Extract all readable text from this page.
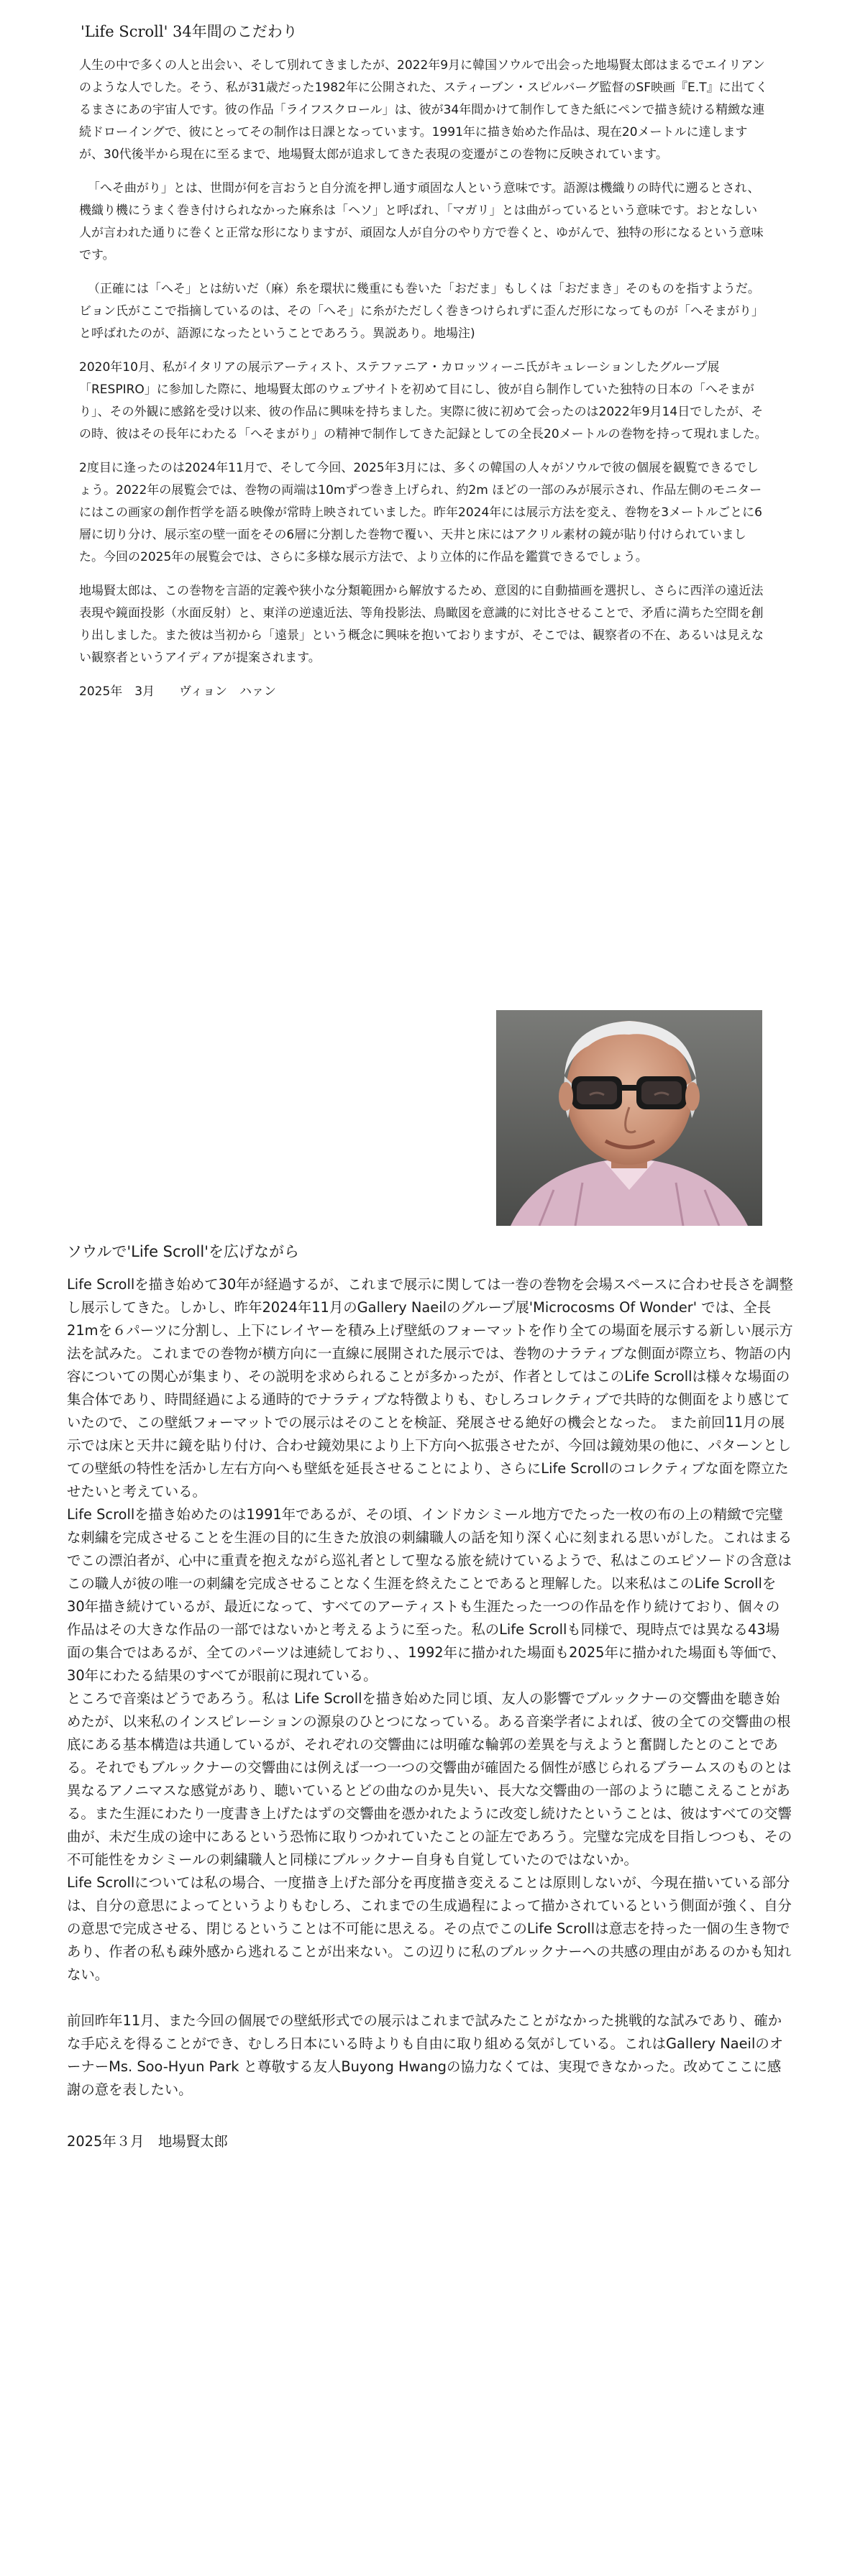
'Life Scroll' 34年間のこだわり

人生の中で多くの人と出会い、そして別れてきましたが、2022年9月に韓国ソウルで出会った地場賢太郎はまるでエイリアンのような人でした。そう、私が31歳だった1982年に公開された、スティーブン・スピルバーグ監督のSF映画『E.T』に出てくるまさにあの宇宙人です。彼の作品「ライフスクロール」は、彼が34年間かけて制作してきた紙にペンで描き続ける精緻な連続ドローイングで、彼にとってその制作は日課となっています。1991年に描き始めた作品は、現在20メートルに達しますが、30代後半から現在に至るまで、地場賢太郎が追求してきた表現の変遷がこの巻物に反映されています。

「へそ曲がり」とは、世間が何を言おうと自分流を押し通す頑固な人という意味です。語源は機織りの時代に遡るとされ、機織り機にうまく巻き付けられなかった麻糸は「ヘソ」と呼ばれ、「マガリ」とは曲がっているという意味です。おとなしい人が言われた通りに巻くと正常な形になりますが、頑固な人が自分のやり方で巻くと、ゆがんで、独特の形になるという意味です。

（正確には「へそ」とは紡いだ（麻）糸を環状に幾重にも巻いた「おだま」もしくは「おだまき」そのものを指すようだ。ビョン氏がここで指摘しているのは、その「へそ」に糸がただしく巻きつけられずに歪んだ形になってものが「へそまがり」と呼ばれたのが、語源になったということであろう。異説あり。地場注)

2020年10月、私がイタリアの展示アーティスト、ステファニア・カロッツィーニ氏がキュレーションしたグループ展「RESPIRO」に参加した際に、地場賢太郎のウェブサイトを初めて目にし、彼が自ら制作していた独特の日本の「へそまがり」、その外観に感銘を受け以来、彼の作品に興味を持ちました。実際に彼に初めて会ったのは2022年9月14日でしたが、その時、彼はその長年にわたる「へそまがり」の精神で制作してきた記録としての全長20メートルの巻物を持って現れました。

2度目に逢ったのは2024年11月で、そして今回、2025年3月には、多くの韓国の人々がソウルで彼の個展を観覧できるでしょう。2022年の展覧会では、巻物の両端は10mずつ巻き上げられ、約2m ほどの一部のみが展示され、作品左側のモニターにはこの画家の創作哲学を語る映像が常時上映されていました。昨年2024年には展示方法を変え、巻物を3メートルごとに6層に切り分け、展示室の壁一面をその6層に分割した巻物で覆い、天井と床にはアクリル素材の鏡が貼り付けられていました。今回の2025年の展覧会では、さらに多様な展示方法で、より立体的に作品を鑑賞できるでしょう。

地場賢太郎は、この巻物を言語的定義や狭小な分類範囲から解放するため、意図的に自動描画を選択し、さらに西洋の遠近法表現や鏡面投影（水面反射）と、東洋の逆遠近法、等角投影法、鳥瞰図を意識的に対比させることで、矛盾に満ちた空間を創り出しました。また彼は当初から「遠景」という概念に興味を抱いておりますが、そこでは、観察者の不在、あるいは見えない観察者というアイディアが提案されます。

2025年　3月　　ヴィョン　ハァン

ソウルで'Life Scroll'を広げながら

Life Scrollを描き始めて30年が経過するが、これまで展示に関しては一巻の巻物を会場スペースに合わせ長さを調整し展示してきた。しかし、昨年2024年11月のGallery Naeilのグループ展'Microcosms Of Wonder' では、全長21mを６パーツに分割し、上下にレイヤーを積み上げ壁紙のフォーマットを作り全ての場面を展示する新しい展示方法を試みた。これまでの巻物が横方向に一直線に展開された展示では、巻物のナラティブな側面が際立ち、物語の内容についての関心が集まり、その説明を求められることが多かったが、作者としてはこのLife Scrollは様々な場面の集合体であり、時間経過による通時的でナラティブな特徴よりも、むしろコレクティブで共時的な側面をより感じていたので、この壁紙フォーマットでの展示はそのことを検証、発展させる絶好の機会となった。 また前回11月の展示では床と天井に鏡を貼り付け、合わせ鏡効果により上下方向へ拡張させたが、今回は鏡効果の他に、パターンとしての壁紙の特性を活かし左右方向へも壁紙を延長させることにより、さらにLife Scrollのコレクティブな面を際立たせたいと考えている。

Life Scrollを描き始めたのは1991年であるが、その頃、インドカシミール地方でたった一枚の布の上の精緻で完璧な刺繍を完成させることを生涯の目的に生きた放浪の刺繍職人の話を知り深く心に刻まれる思いがした。これはまるでこの漂泊者が、心中に重責を抱えながら巡礼者として聖なる旅を続けているようで、私はこのエピソードの含意はこの職人が彼の唯一の刺繍を完成させることなく生涯を終えたことであると理解した。以来私はこのLife Scrollを30年描き続けているが、最近になって、すべてのアーティストも生涯たった一つの作品を作り続けており、個々の作品はその大きな作品の一部ではないかと考えるように至った。私のLife Scrollも同様で、現時点では異なる43場面の集合ではあるが、全てのパーツは連続しており、、1992年に描かれた場面も2025年に描かれた場面も等価で、30年にわたる結果のすべてが眼前に現れている。

ところで音楽はどうであろう。私は Life Scrollを描き始めた同じ頃、友人の影響でブルックナーの交響曲を聴き始めたが、以来私のインスピレーションの源泉のひとつになっている。ある音楽学者によれば、彼の全ての交響曲の根底にある基本構造は共通しているが、それぞれの交響曲には明確な輪郭の差異を与えようと奮闘したとのことである。それでもブルックナーの交響曲には例えば一つ一つの交響曲が確固たる個性が感じられるブラームスのものとは異なるアノニマスな感覚があり、聴いているとどの曲なのか見失い、長大な交響曲の一部のように聴こえることがある。また生涯にわたり一度書き上げたはずの交響曲を憑かれたように改変し続けたということは、彼はすべての交響曲が、未だ生成の途中にあるという恐怖に取りつかれていたことの証左であろう。完璧な完成を目指しつつも、その不可能性をカシミールの刺繍職人と同様にブルックナー自身も自覚していたのではないか。

Life Scrollについては私の場合、一度描き上げた部分を再度描き変えることは原則しないが、今現在描いている部分は、自分の意思によってというよりもむしろ、これまでの生成過程によって描かされているという側面が強く、自分の意思で完成させる、閉じるということは不可能に思える。その点でこのLife Scrollは意志を持った一個の生き物であり、作者の私も疎外感から逃れることが出来ない。この辺りに私のブルックナーへの共感の理由があるのかも知れない。

前回昨年11月、また今回の個展での壁紙形式での展示はこれまで試みたことがなかった挑戦的な試みであり、確かな手応えを得ることができ、むしろ日本にいる時よりも自由に取り組める気がしている。これはGallery NaeilのオーナーMs. Soo-Hyun Park と尊敬する友人Buyong Hwangの協力なくては、実現できなかった。改めてここに感謝の意を表したい。

2025年３月　地場賢太郎
